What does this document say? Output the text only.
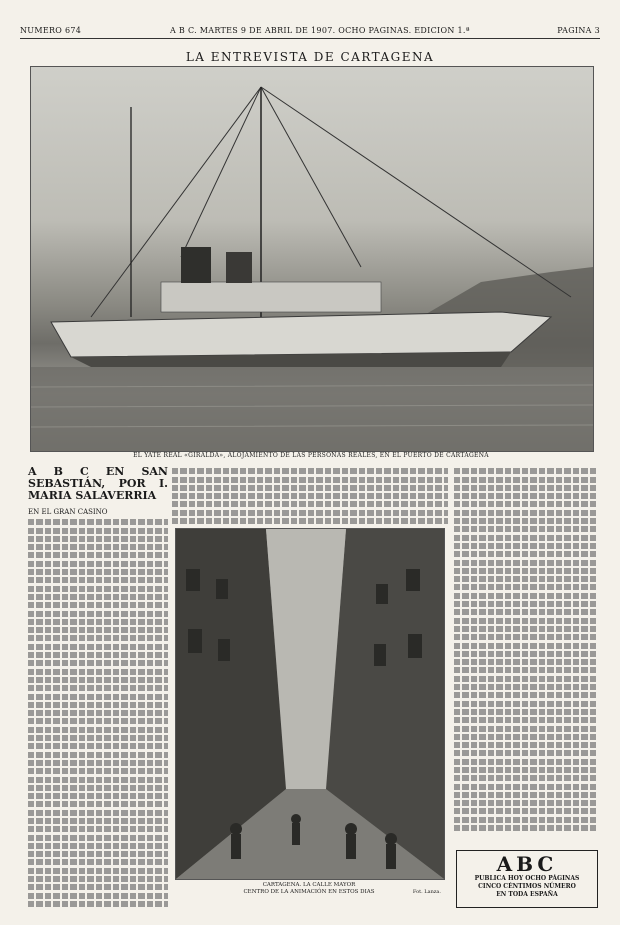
NUMERO 674	A B C. MARTES 9 DE ABRIL DE 1907. OCHO PAGINAS. EDICION 1.ª	PAGINA 3
LA ENTREVISTA DE CARTAGENA
EL YATE REAL «GIRALDA», ALOJAMIENTO DE LAS PERSONAS REALES, EN EL PUERTO DE CARTAGENA
A B C EN SAN SEBASTIÁN, POR I. MARIA SALAVERRIA
EN EL GRAN CASINO
CARTAGENA. LA CALLE MAYOR
CENTRO DE LA ANIMACIÓN EN ESTOS DIAS	Fot. Lanza.
ABC
PUBLICA HOY OCHO PÁGINAS
CINCO CÉNTIMOS NÚMERO
EN TODA ESPAÑA
